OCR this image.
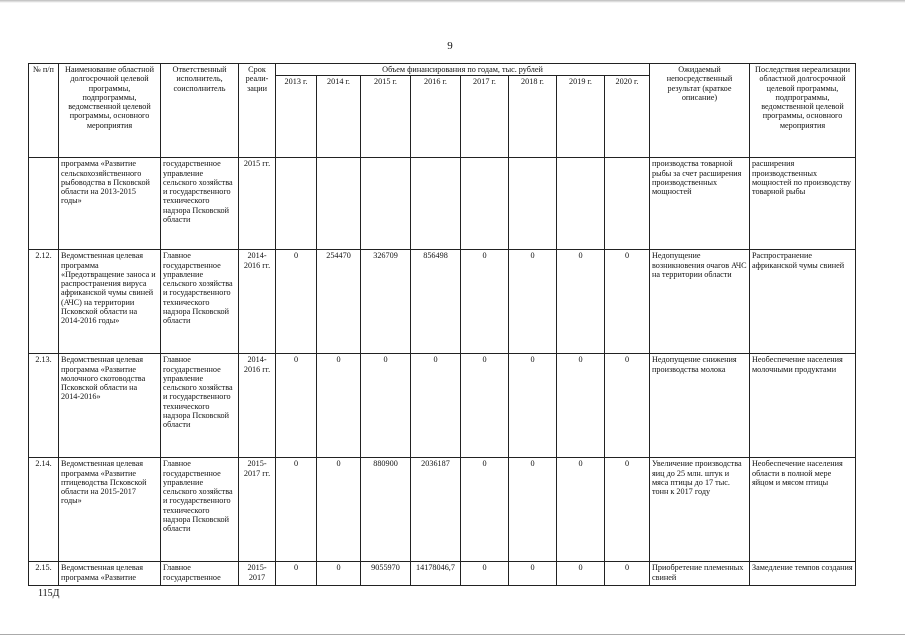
9
№ п/п	Наименование областной долгосрочной целевой программы, подпрограммы, ведомственной целевой программы, основного мероприятия	Ответственный исполнитель, соисполнитель	Срок реали-зации	Объем финансирования по годам, тыс. рублей								Ожидаемый непосредственный результат (краткое описание)	Последствия нереализации областной долгосрочной целевой программы, подпрограммы, ведомственной целевой программы, основного мероприятия
				2013 г.	2014 г.	2015 г.	2016 г.	2017 г.	2018 г.	2019 г.	2020 г.		
	программа «Развитие сельскохозяйственного рыбоводства в Псковской области на 2013-2015 годы»	государственное управление сельского хозяйства и государственного технического надзора Псковской области	2015 гг.									производства товарной рыбы за счет расширения производственных мощностей	расширения производственных мощностей по производству товарной рыбы
2.12.	Ведомственная целевая программа «Предотвращение заноса и распространения вируса африканской чумы свиней (АЧС) на территории Псковской области на 2014-2016 годы»	Главное государственное управление сельского хозяйства и государственного технического надзора Псковской области	2014-2016 гг.	0	254470	326709	856498	0	0	0	0	Недопущение возникновения очагов АЧС на территории области	Распространение африканской чумы свиней
2.13.	Ведомственная целевая программа «Развитие молочного скотоводства Псковской области на 2014-2016»	Главное государственное управление сельского хозяйства и государственного технического надзора Псковской области	2014-2016 гг.	0	0	0	0	0	0	0	0	Недопущение снижения производства молока	Необеспечение населения молочными продуктами
2.14.	Ведомственная целевая программа «Развитие птицеводства Псковской области на 2015-2017 годы»	Главное государственное управление сельского хозяйства и государственного технического надзора Псковской области	2015-2017 гг.	0	0	880900	2036187	0	0	0	0	Увеличение производства яиц до 25 млн. штук и мяса птицы до 17 тыс. тонн к 2017 году	Необеспечение населения области в полной мере яйцом и мясом птицы
2.15.	Ведомственная целевая программа «Развитие	Главное государственное	2015-2017	0	0	9055970	14178046,7	0	0	0	0	Приобретение племенных свиней	Замедление темпов создания
115Д
